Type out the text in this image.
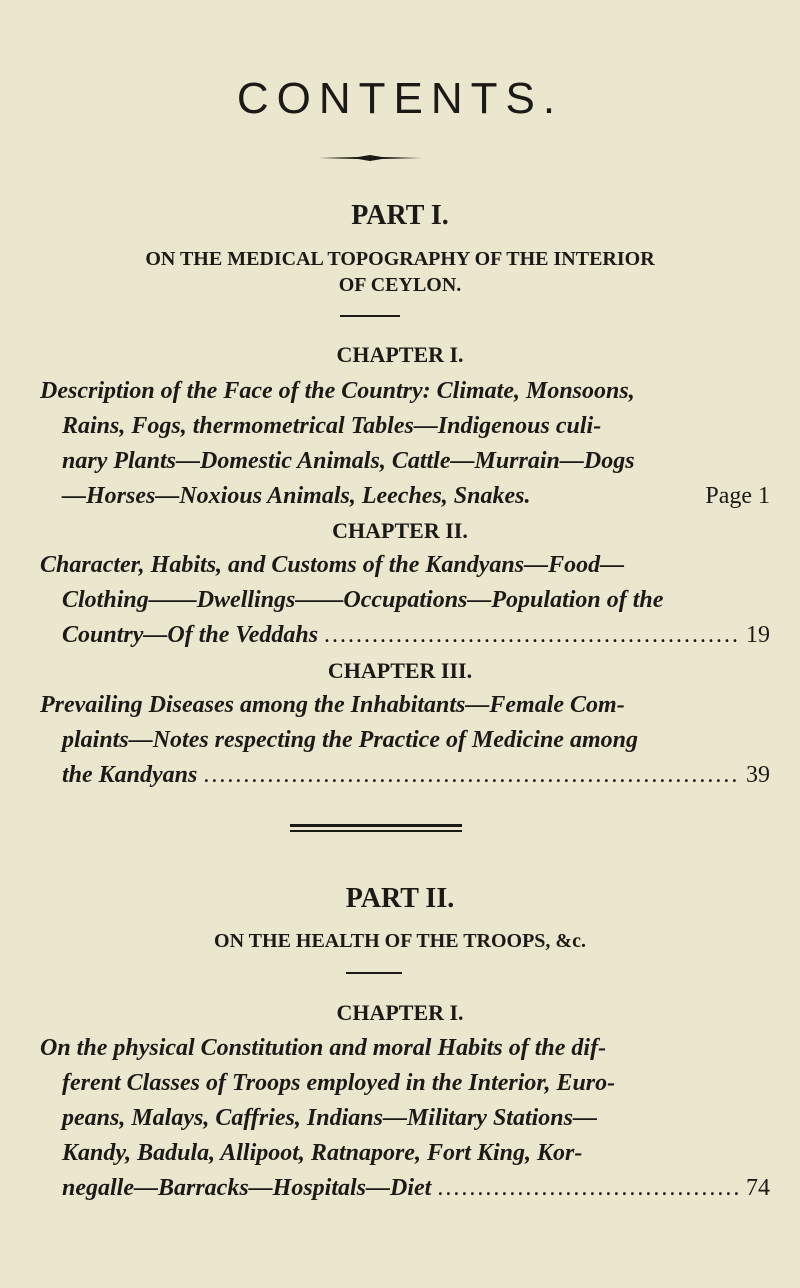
CONTENTS.
PART I.
ON THE MEDICAL TOPOGRAPHY OF THE INTERIOR
OF CEYLON.
CHAPTER I.
Description of the Face of the Country: Climate, Monsoons,
Rains, Fogs, thermometrical Tables—Indigenous culi-
nary Plants—Domestic Animals, Cattle—Murrain—Dogs
—Horses—Noxious Animals, Leeches, Snakes.	Page 1
CHAPTER II.
Character, Habits, and Customs of the Kandyans—Food—
Clothing——Dwellings——Occupations—Population of the
Country—Of the Veddahs .....	19
CHAPTER III.
Prevailing Diseases among the Inhabitants—Female Com-
plaints—Notes respecting the Practice of Medicine among
the Kandyans .....	39
PART II.
ON THE HEALTH OF THE TROOPS, &c.
CHAPTER I.
On the physical Constitution and moral Habits of the dif-
ferent Classes of Troops employed in the Interior, Euro-
peans, Malays, Caffries, Indians—Military Stations—
Kandy, Badula, Allipoot, Ratnapore, Fort King, Kor-
negalle—Barracks—Hospitals—Diet .....	74
